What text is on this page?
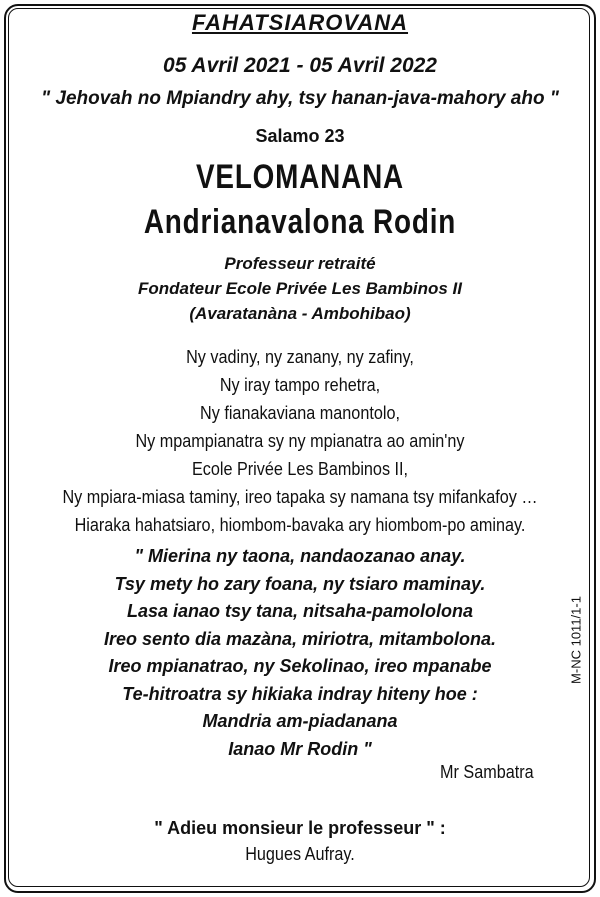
FAHATSIAROVANA
05 Avril 2021 - 05 Avril 2022
" Jehovah no Mpiandry ahy, tsy hanan-java-mahory aho "
Salamo 23
VELOMANANA
Andrianavalona Rodin
Professeur retraité
Fondateur Ecole Privée Les Bambinos II
(Avaratanàna - Ambohibao)
Ny vadiny, ny zanany, ny zafiny,
Ny iray tampo rehetra,
Ny fianakaviana manontolo,
Ny mpampianatra sy ny mpianatra ao amin'ny
Ecole Privée Les Bambinos II,
Ny mpiara-miasa taminy, ireo tapaka sy namana tsy mifankafoy …
Hiaraka hahatsiaro, hiombom-bavaka ary hiombom-po aminay.
" Mierina ny taona, nandaozanao anay.
Tsy mety ho zary foana, ny tsiaro maminay.
Lasa ianao tsy tana, nitsaha-pamololona
Ireo sento dia mazàna, miriotra, mitambolona.
Ireo mpianatrao, ny Sekolinao, ireo mpanabe
Te-hitroatra sy hikiaka indray hiteny hoe :
Mandria am-piadanana
Ianao Mr Rodin "
Mr Sambatra
" Adieu monsieur le professeur " :
Hugues Aufray.
M-NC 1011/1-1
